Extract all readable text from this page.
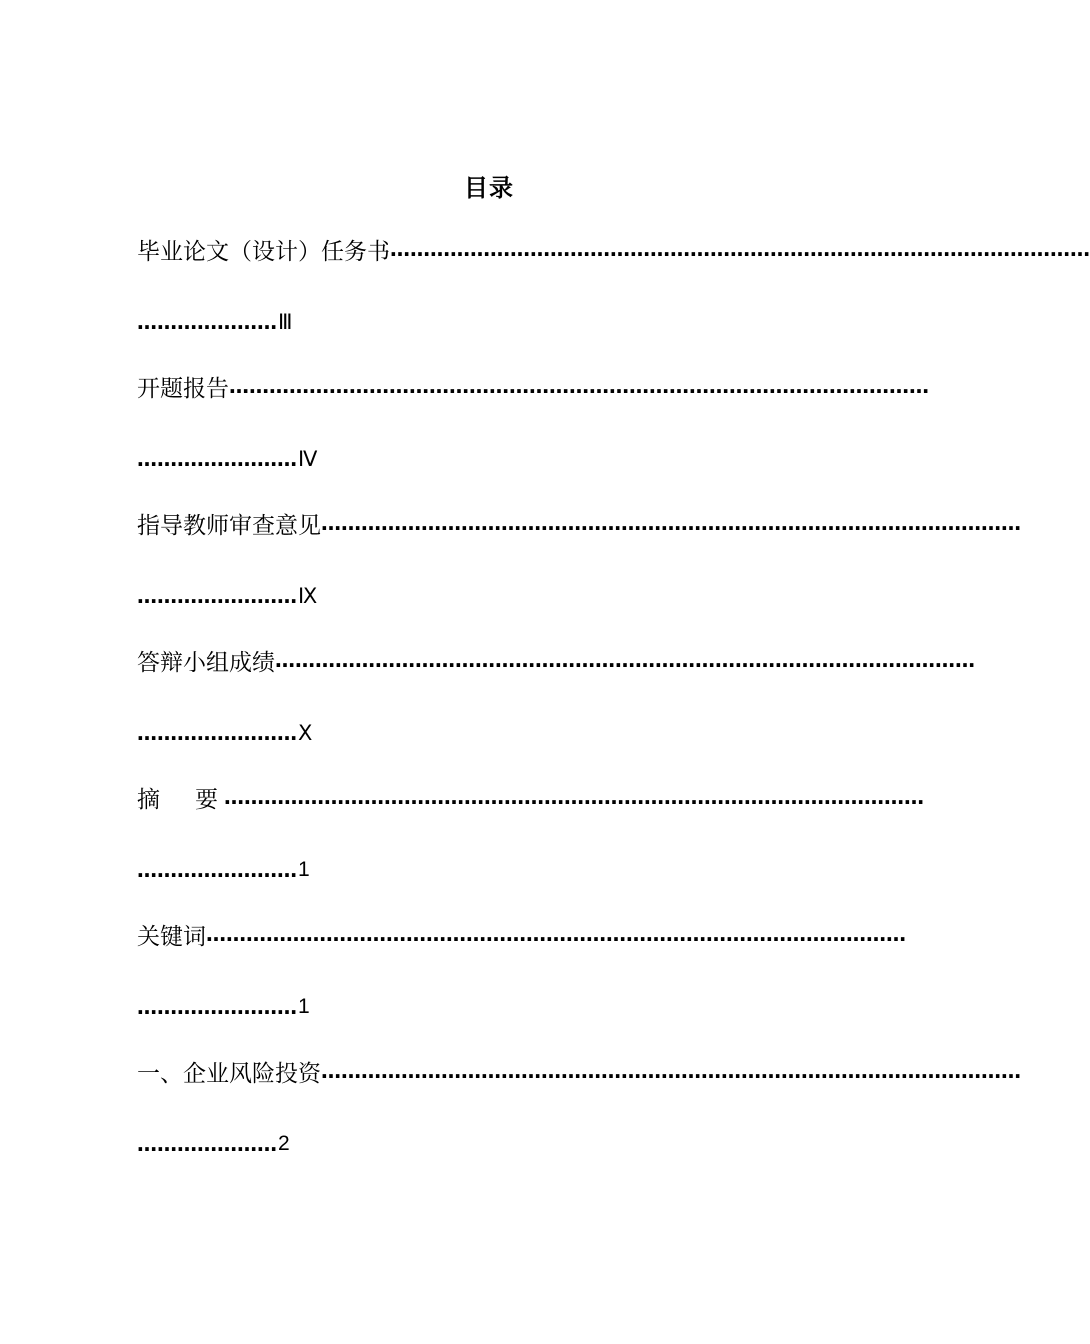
目录
毕业论文（设计）任务书 ……………………………………………………………………………………………
………………… Ⅲ
开题报告 ……………………………………………………………………………………………
…………………… Ⅳ
指导教师审查意见 ……………………………………………………………………………………………
…………………… Ⅸ
答辩小组成绩 ……………………………………………………………………………………………
…………………… Ⅹ
摘　要 ……………………………………………………………………………………………
…………………… 1
关键词 ……………………………………………………………………………………………
…………………… 1
一、企业风险投资 ……………………………………………………………………………………………
………………… 2
